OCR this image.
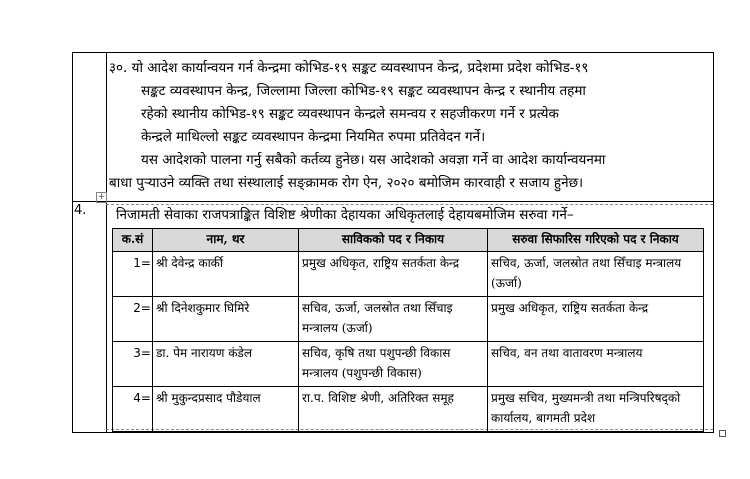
+
३०. यो आदेश कार्यान्वयन गर्न केन्द्रमा कोभिड-१९ सङ्कट व्यवस्थापन केन्द्र, प्रदेशमा प्रदेश कोभिड-१९
सङ्कट व्यवस्थापन केन्द्र, जिल्लामा जिल्ला कोभिड-१९ सङ्कट व्यवस्थापन केन्द्र र स्थानीय तहमा
रहेको स्थानीय कोभिड-१९ सङ्कट व्यवस्थापन केन्द्रले समन्वय र सहजीकरण गर्ने र प्रत्येक
केन्द्रले माथिल्लो सङ्कट व्यवस्थापन केन्द्रमा नियमित रुपमा प्रतिवेदन गर्ने।
यस आदेशको पालना गर्नु सबैको कर्तव्य हुनेछ। यस आदेशको अवज्ञा गर्ने वा आदेश कार्यान्वयनमा
बाधा पुऱ्याउने व्यक्ति तथा संस्थालाई सङ्क्रामक रोग ऐन, २०२० बमोजिम कारवाही र सजाय हुनेछ।
4. निजामती सेवाका राजपत्राङ्कित विशिष्ट श्रेणीका देहायका अधिकृतलाई देहायबमोजिम सरुवा गर्ने–
क.सं	नाम, थर	साविकको पद र निकाय	सरुवा सिफारिस गरिएको पद र निकाय
1=	श्री देवेन्द्र कार्की	प्रमुख अधिकृत, राष्ट्रिय सतर्कता केन्द्र	सचिव, ऊर्जा, जलस्रोत तथा सिँचाइ मन्त्रालय (ऊर्जा)
2=	श्री दिनेशकुमार घिमिरे	सचिव, ऊर्जा, जलस्रोत तथा सिँचाइ मन्त्रालय (ऊर्जा)	प्रमुख अधिकृत, राष्ट्रिय सतर्कता केन्द्र
3=	डा. पेम नारायण कंडेल	सचिव, कृषि तथा पशुपन्छी विकास मन्त्रालय (पशुपन्छी विकास)	सचिव, वन तथा वातावरण मन्त्रालय
4=	श्री मुकुन्दप्रसाद पौडेयाल	रा.प. विशिष्ट श्रेणी, अतिरिक्त समूह	प्रमुख सचिव, मुख्यमन्त्री तथा मन्त्रिपरिषद्को कार्यालय, बागमती प्रदेश
